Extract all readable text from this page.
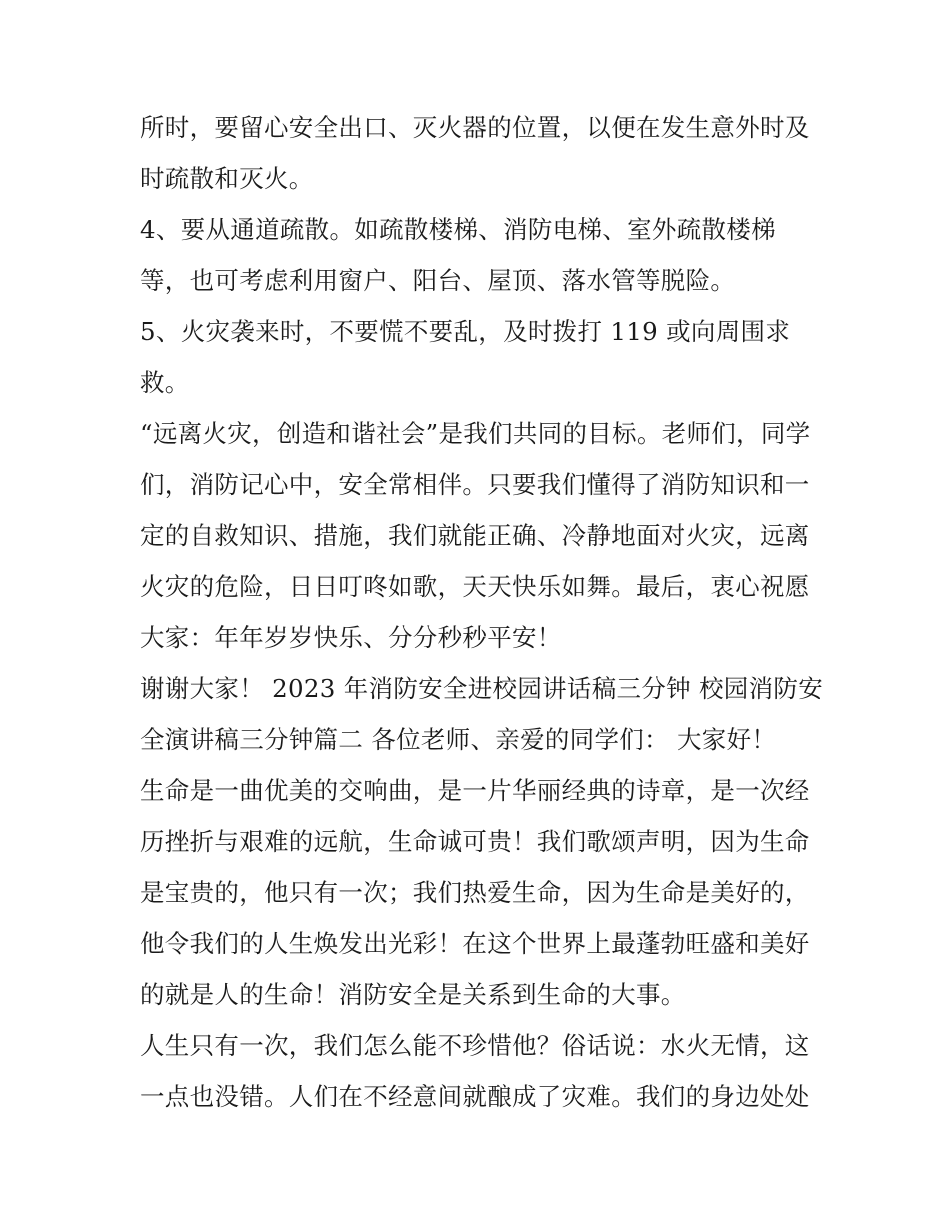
所时，要留心安全出口、灭火器的位置，以便在发生意外时及
时疏散和灭火。
4、要从通道疏散。如疏散楼梯、消防电梯、室外疏散楼梯
等，也可考虑利用窗户、阳台、屋顶、落水管等脱险。
5、火灾袭来时，不要慌不要乱，及时拨打 119 或向周围求
救。
“远离火灾，创造和谐社会”是我们共同的目标。老师们，同学
们，消防记心中，安全常相伴。只要我们懂得了消防知识和一
定的自救知识、措施，我们就能正确、冷静地面对火灾，远离
火灾的危险，日日叮咚如歌，天天快乐如舞。最后，衷心祝愿
大家：年年岁岁快乐、分分秒秒平安！
谢谢大家！ 2023 年消防安全进校园讲话稿三分钟 校园消防安
全演讲稿三分钟篇二 各位老师、亲爱的同学们： 大家好！
生命是一曲优美的交响曲，是一片华丽经典的诗章，是一次经
历挫折与艰难的远航，生命诚可贵！我们歌颂声明，因为生命
是宝贵的，他只有一次；我们热爱生命，因为生命是美好的，
他令我们的人生焕发出光彩！在这个世界上最蓬勃旺盛和美好
的就是人的生命！消防安全是关系到生命的大事。
人生只有一次，我们怎么能不珍惜他？俗话说：水火无情，这
一点也没错。人们在不经意间就酿成了灾难。我们的身边处处
